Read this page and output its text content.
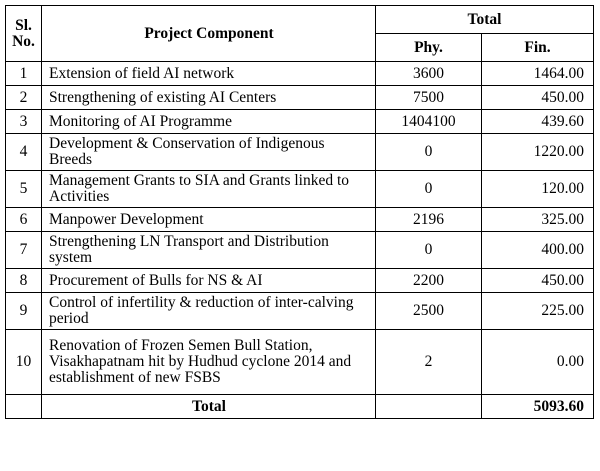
Sl.
No.	Project Component	Total	
		Phy.	Fin.
1	Extension of field AI network	3600	1464.00
2	Strengthening of existing AI Centers	7500	450.00
3	Monitoring of AI Programme	1404100	439.60
4	Development & Conservation of Indigenous Breeds	0	1220.00
5	Management Grants to SIA and Grants linked to Activities	0	120.00
6	Manpower Development	2196	325.00
7	Strengthening LN Transport and Distribution system	0	400.00
8	Procurement of Bulls for NS & AI	2200	450.00
9	Control of infertility & reduction of inter-calving period	2500	225.00
10	Renovation of Frozen Semen Bull Station, Visakhapatnam hit by Hudhud cyclone 2014 and establishment of new FSBS	2	0.00
	Total		5093.60
